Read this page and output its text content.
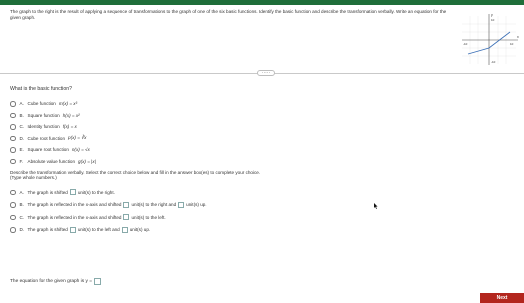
The graph to the right is the result of applying a sequence of transformations to the graph of one of the six basic functions. Identify the basic function and describe the transformation verbally. Write an equation for the given graph.
x
y
-10	10
10
-10
·····
What is the basic function?
A. Cube function m(x) = x³
B. Square function h(x) = x²
C. Identity function f(x) = x
D. Cube root function p(x) = ∛x
E. Square root function n(x) = √x
F. Absolute value function g(x) = |x|
Describe the transformation verbally. Select the correct choice below and fill in the answer box(es) to complete your choice.
(Type whole numbers.)
A. The graph is shifted unit(s) to the right.
B. The graph is reflected in the x-axis and shifted unit(s) to the right and unit(s) up.
C. The graph is reflected in the x-axis and shifted unit(s) to the left.
D. The graph is shifted unit(s) to the left and unit(s) up.
The equation for the given graph is y =
Next
